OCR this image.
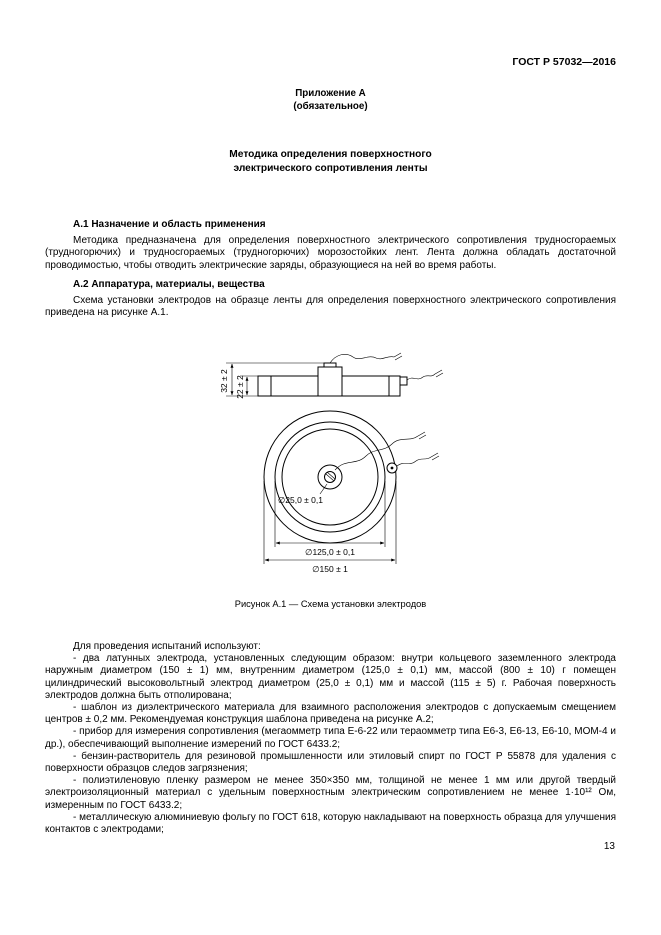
ГОСТ Р 57032—2016
Приложение А
(обязательное)
Методика определения поверхностного
электрического сопротивления ленты
А.1 Назначение и область применения

Методика предназначена для определения поверхностного электрического сопротивления трудносгораемых (трудногорючих) и трудносгораемых (трудногорючих) морозостойких лент. Лента должна обладать достаточной проводимостью, чтобы отводить электрические заряды, образующиеся на ней во время работы.

А.2 Аппаратура, материалы, вещества

Схема установки электродов на образце ленты для определения поверхностного электрического сопротивления приведена на рисунке А.1.

32 ± 2 22 ± 2
∅25,0 ± 0,1
∅125,0 ± 0,1
∅150 ± 1
Рисунок А.1 — Схема установки электродов

Для проведения испытаний используют:

- два латунных электрода, установленных следующим образом: внутри кольцевого заземленного электрода наружным диаметром (150 ± 1) мм, внутренним диаметром (125,0 ± 0,1) мм, массой (800 ± 10) г помещен цилиндрический высоковольтный электрод диаметром (25,0 ± 0,1) мм и массой (115 ± 5) г. Рабочая поверхность электродов должна быть отполирована;

- шаблон из диэлектрического материала для взаимного расположения электродов с допускаемым смещением центров ± 0,2 мм. Рекомендуемая конструкция шаблона приведена на рисунке А.2;

- прибор для измерения сопротивления (мегаомметр типа Е-6-22 или тераомметр типа Е6-3, Е6-13, Е6-10, МОМ-4 и др.), обеспечивающий выполнение измерений по ГОСТ 6433.2;

- бензин-растворитель для резиновой промышленности или этиловый спирт по ГОСТ Р 55878 для удаления с поверхности образцов следов загрязнения;

- полиэтиленовую пленку размером не менее 350×350 мм, толщиной не менее 1 мм или другой твердый электроизоляционный материал с удельным поверхностным электрическим сопротивлением не менее 1·10¹² Ом, измеренным по ГОСТ 6433.2;

- металлическую алюминиевую фольгу по ГОСТ 618, которую накладывают на поверхность образца для улучшения контактов с электродами;

13
